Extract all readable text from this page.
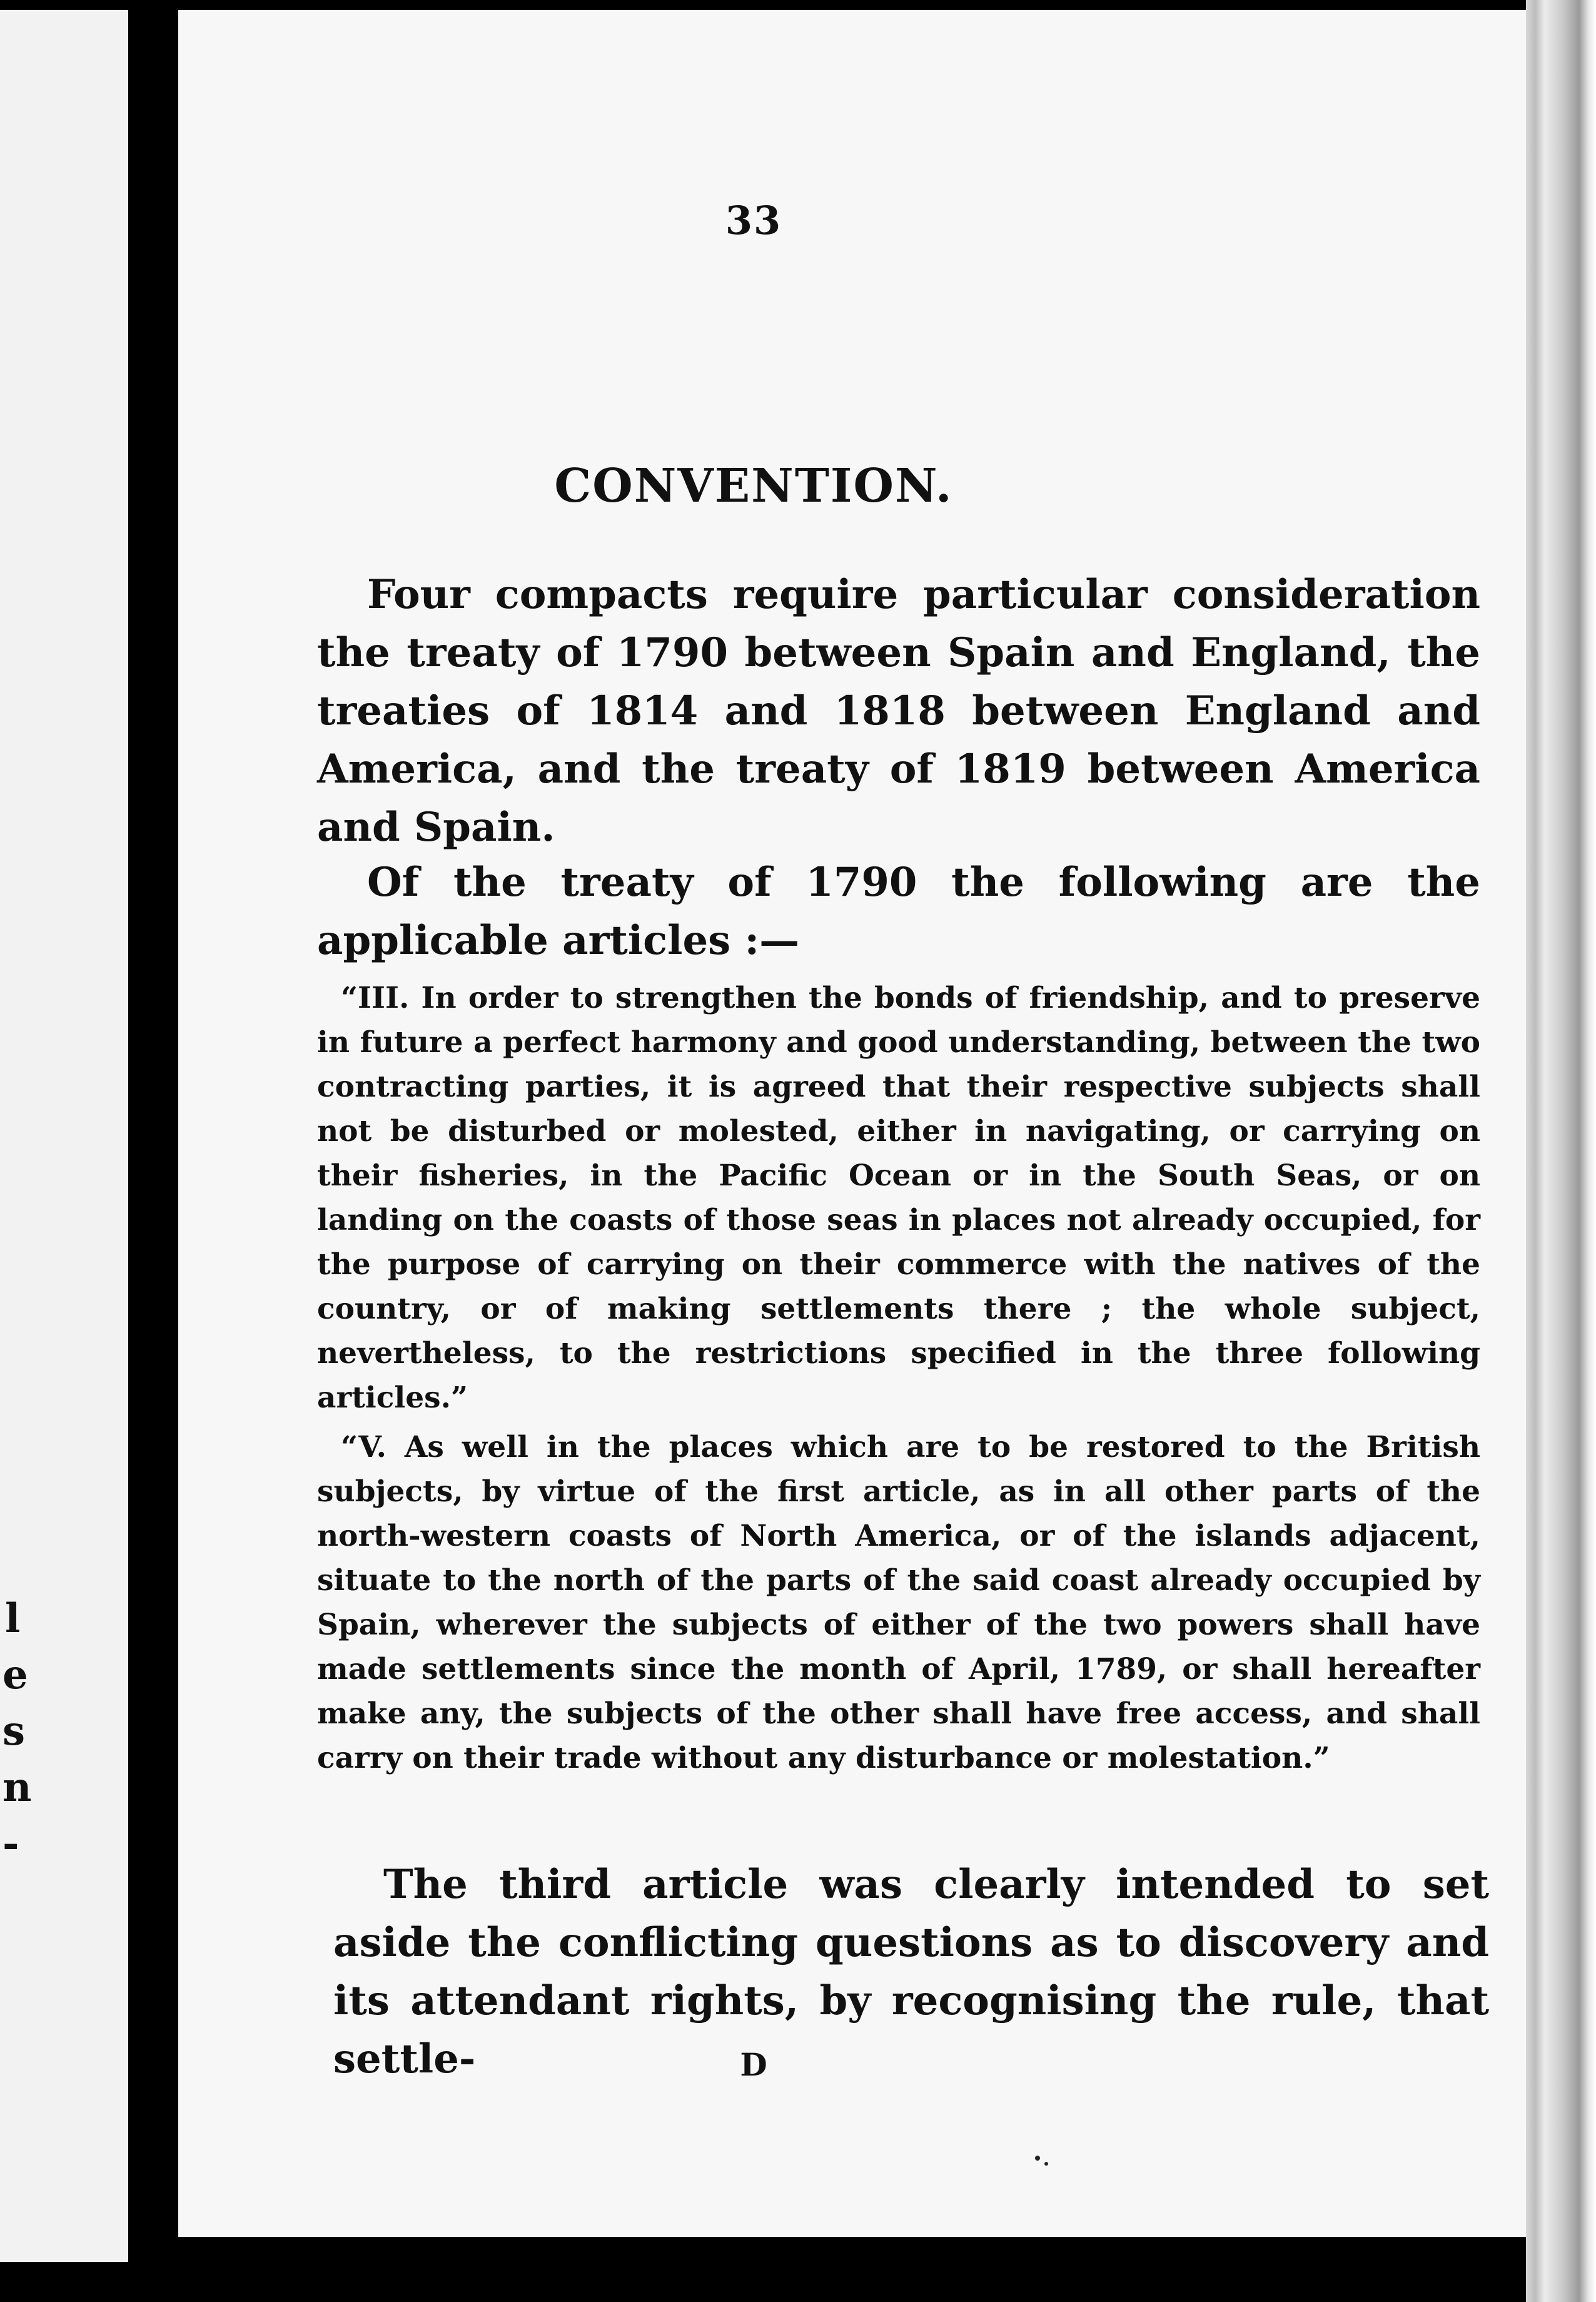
l
e
s
n
-
33
CONVENTION.

Four compacts require particular consideration the treaty of 1790 between Spain and England, the treaties of 1814 and 1818 between England and America, and the treaty of 1819 between America and Spain.

Of the treaty of 1790 the following are the applicable articles :—

“III. In order to strengthen the bonds of friendship, and to preserve in future a perfect harmony and good understanding, between the two contracting parties, it is agreed that their respective subjects shall not be disturbed or molested, either in navigating, or carrying on their fisheries, in the Pacific Ocean or in the South Seas, or on landing on the coasts of those seas in places not already occupied, for the purpose of carrying on their commerce with the natives of the country, or of making settlements there ; the whole subject, nevertheless, to the restrictions specified in the three following articles.”

“V. As well in the places which are to be restored to the British subjects, by virtue of the first article, as in all other parts of the north-western coasts of North America, or of the islands adjacent, situate to the north of the parts of the said coast already occupied by Spain, wherever the subjects of either of the two powers shall have made settlements since the month of April, 1789, or shall hereafter make any, the subjects of the other shall have free access, and shall carry on their trade without any disturbance or molestation.”

The third article was clearly intended to set aside the conflicting questions as to discovery and its attendant rights, by recognising the rule, that settle-	D
